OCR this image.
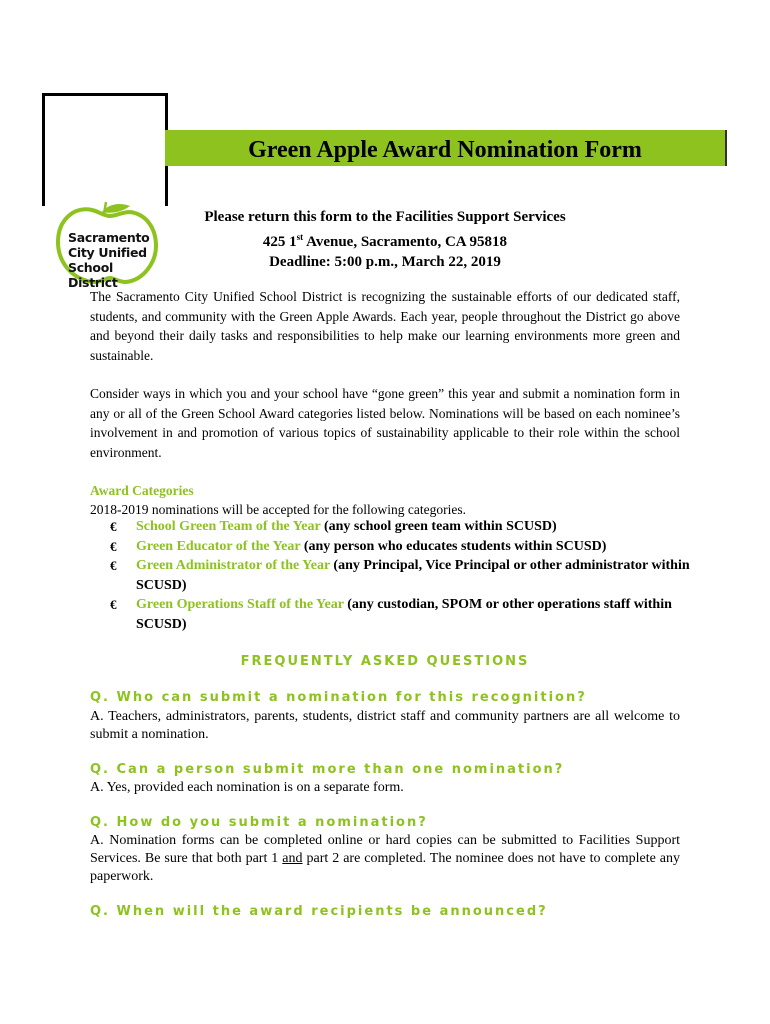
Green Apple Award Nomination Form
Sacramento
City Unified
School District
Please return this form to the Facilities Support Services
425 1st Avenue, Sacramento, CA 95818
Deadline: 5:00 p.m., March 22, 2019
The Sacramento City Unified School District is recognizing the sustainable efforts of our dedicated staff, students, and community with the Green Apple Awards. Each year, people throughout the District go above and beyond their daily tasks and responsibilities to help make our learning environments more green and sustainable.
Consider ways in which you and your school have “gone green” this year and submit a nomination form in any or all of the Green School Award categories listed below. Nominations will be based on each nominee’s involvement in and promotion of various topics of sustainability applicable to their role within the school environment.
Award Categories
2018-2019 nominations will be accepted for the following categories.
€	School Green Team of the Year (any school green team within SCUSD)
€	Green Educator of the Year (any person who educates students within SCUSD)
€	Green Administrator of the Year (any Principal, Vice Principal or other administrator within SCUSD)
€	Green Operations Staff of the Year (any custodian, SPOM or other operations staff within SCUSD)
FREQUENTLY ASKED QUESTIONS
Q. Who can submit a nomination for this recognition?
A. Teachers, administrators, parents, students, district staff and community partners are all welcome to submit a nomination.
Q. Can a person submit more than one nomination?
A. Yes, provided each nomination is on a separate form.
Q. How do you submit a nomination?
A. Nomination forms can be completed online or hard copies can be submitted to Facilities Support Services. Be sure that both part 1 and part 2 are completed. The nominee does not have to complete any paperwork.
Q. When will the award recipients be announced?
